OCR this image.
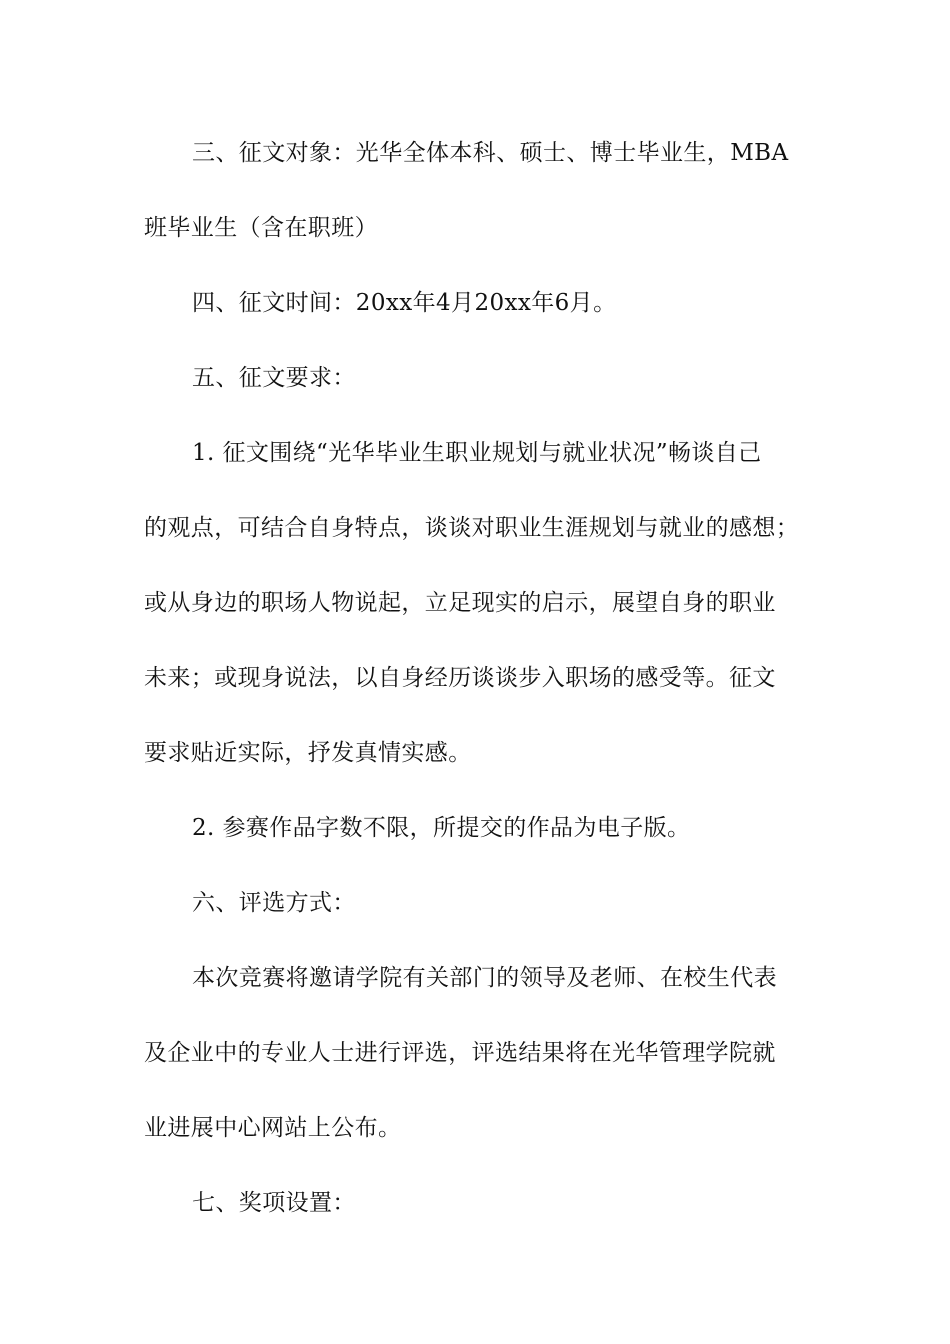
三、征文对象：光华全体本科、硕士、博士毕业生，MBA
班毕业生（含在职班）
四、征文时间：20xx年4月20xx年6月。
五、征文要求：
1. 征文围绕“光华毕业生职业规划与就业状况”畅谈自己
的观点，可结合自身特点，谈谈对职业生涯规划与就业的感想；
或从身边的职场人物说起，立足现实的启示，展望自身的职业
未来；或现身说法，以自身经历谈谈步入职场的感受等。征文
要求贴近实际，抒发真情实感。
2. 参赛作品字数不限，所提交的作品为电子版。
六、评选方式：
本次竞赛将邀请学院有关部门的领导及老师、在校生代表
及企业中的专业人士进行评选，评选结果将在光华管理学院就
业进展中心网站上公布。
七、奖项设置：
